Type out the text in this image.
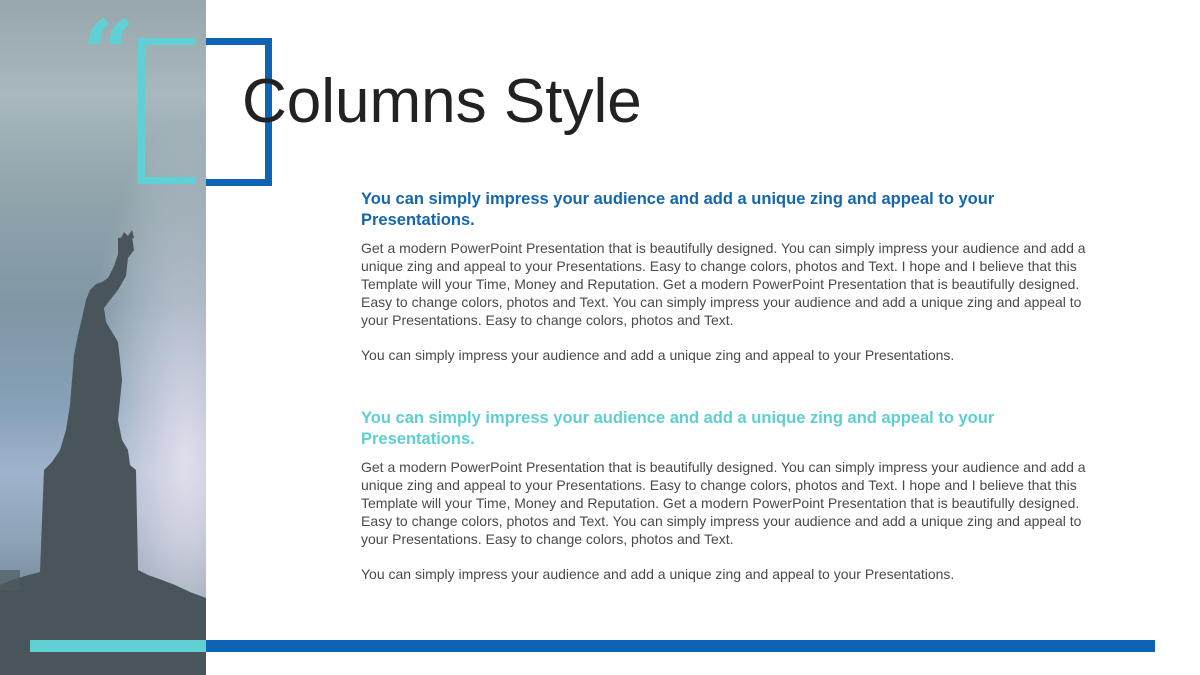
“ Columns Style

You can simply impress your audience and add a unique zing and appeal to your Presentations.

Get a modern PowerPoint Presentation that is beautifully designed. You can simply impress your audience and add a unique zing and appeal to your Presentations. Easy to change colors, photos and Text. I hope and I believe that this Template will your Time, Money and Reputation. Get a modern PowerPoint Presentation that is beautifully designed. Easy to change colors, photos and Text. You can simply impress your audience and add a unique zing and appeal to your Presentations. Easy to change colors, photos and Text.

You can simply impress your audience and add a unique zing and appeal to your Presentations.

You can simply impress your audience and add a unique zing and appeal to your Presentations.

Get a modern PowerPoint Presentation that is beautifully designed. You can simply impress your audience and add a unique zing and appeal to your Presentations. Easy to change colors, photos and Text. I hope and I believe that this Template will your Time, Money and Reputation. Get a modern PowerPoint Presentation that is beautifully designed. Easy to change colors, photos and Text. You can simply impress your audience and add a unique zing and appeal to your Presentations. Easy to change colors, photos and Text.

You can simply impress your audience and add a unique zing and appeal to your Presentations.
